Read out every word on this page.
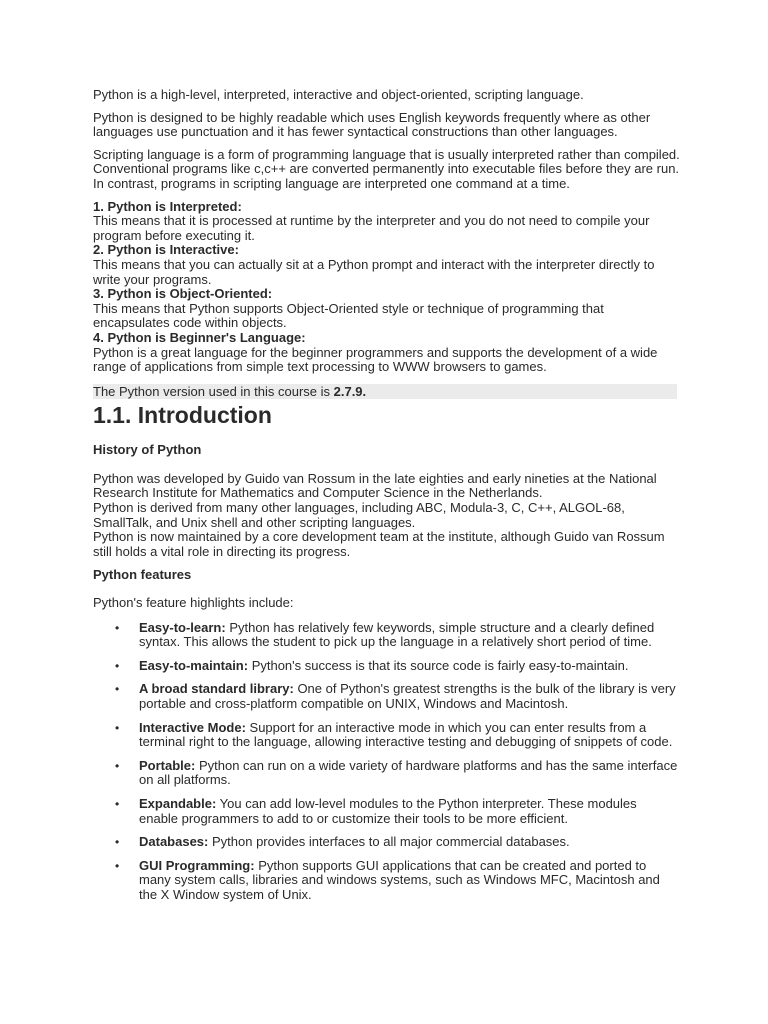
Python is a high-level, interpreted, interactive and object-oriented, scripting language.

Python is designed to be highly readable which uses English keywords frequently where as other languages use punctuation and it has fewer syntactical constructions than other languages.

Scripting language is a form of programming language that is usually interpreted rather than compiled. Conventional programs like c,c++ are converted permanently into executable files before they are run. In contrast, programs in scripting language are interpreted one command at a time.

1. Python is Interpreted:

This means that it is processed at runtime by the interpreter and you do not need to compile your program before executing it.

2. Python is Interactive:

This means that you can actually sit at a Python prompt and interact with the interpreter directly to write your programs.

3. Python is Object-Oriented:

This means that Python supports Object-Oriented style or technique of programming that encapsulates code within objects.

4. Python is Beginner's Language:

Python is a great language for the beginner programmers and supports the development of a wide range of applications from simple text processing to WWW browsers to games.

The Python version used in this course is 2.7.9.
1.1. Introduction

History of Python

Python was developed by Guido van Rossum in the late eighties and early nineties at the National Research Institute for Mathematics and Computer Science in the Netherlands.

Python is derived from many other languages, including ABC, Modula-3, C, C++, ALGOL-68, SmallTalk, and Unix shell and other scripting languages.

Python is now maintained by a core development team at the institute, although Guido van Rossum still holds a vital role in directing its progress.

Python features

Python's feature highlights include:

• Easy-to-learn: Python has relatively few keywords, simple structure and a clearly defined syntax. This allows the student to pick up the language in a relatively short period of time.
• Easy-to-maintain: Python's success is that its source code is fairly easy-to-maintain.
• A broad standard library: One of Python's greatest strengths is the bulk of the library is very portable and cross-platform compatible on UNIX, Windows and Macintosh.
• Interactive Mode: Support for an interactive mode in which you can enter results from a terminal right to the language, allowing interactive testing and debugging of snippets of code.
• Portable: Python can run on a wide variety of hardware platforms and has the same interface on all platforms.
• Expandable: You can add low-level modules to the Python interpreter. These modules enable programmers to add to or customize their tools to be more efficient.
• Databases: Python provides interfaces to all major commercial databases.
• GUI Programming: Python supports GUI applications that can be created and ported to many system calls, libraries and windows systems, such as Windows MFC, Macintosh and the X Window system of Unix.
